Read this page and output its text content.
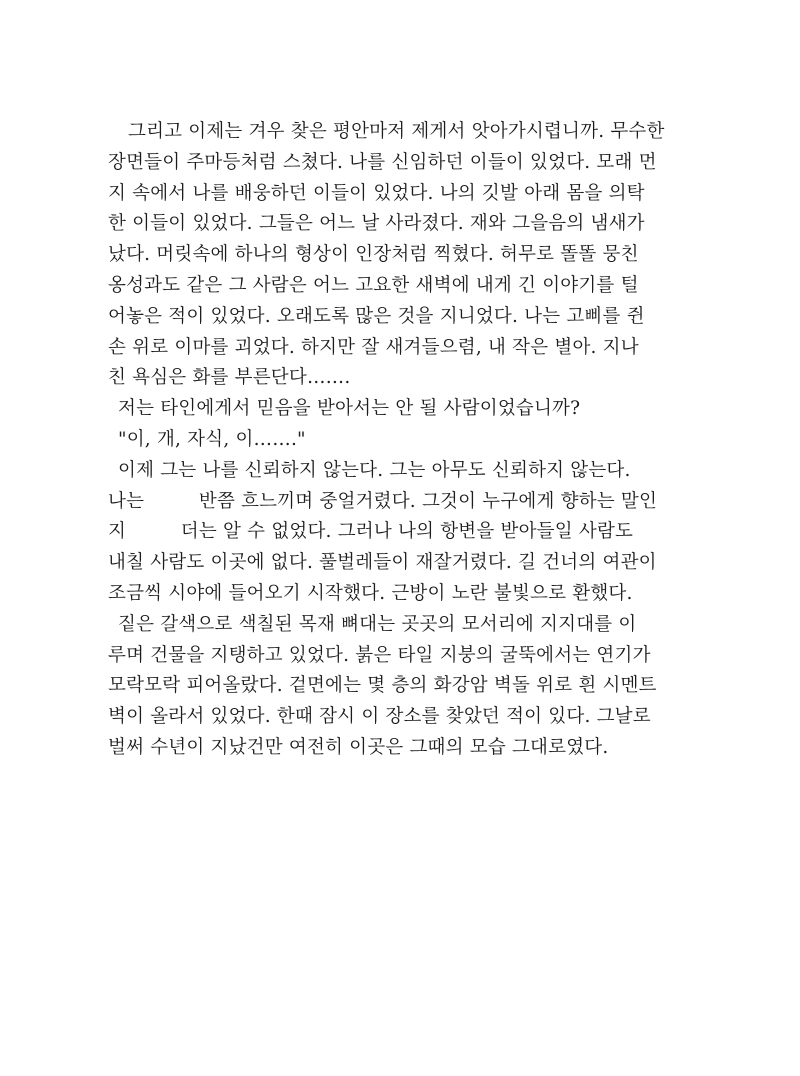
그리고 이제는 겨우 찾은 평안마저 제게서 앗아가시렵니까. 무수한
장면들이 주마등처럼 스쳤다. 나를 신임하던 이들이 있었다. 모래 먼
지 속에서 나를 배웅하던 이들이 있었다. 나의 깃발 아래 몸을 의탁
한 이들이 있었다. 그들은 어느 날 사라졌다. 재와 그을음의 냄새가
났다. 머릿속에 하나의 형상이 인장처럼 찍혔다. 허무로 똘똘 뭉친
옹성과도 같은 그 사람은 어느 고요한 새벽에 내게 긴 이야기를 털
어놓은 적이 있었다. 오래도록 많은 것을 지니었다. 나는 고삐를 쥔
손 위로 이마를 괴었다. 하지만 잘 새겨들으렴, 내 작은 별아. 지나
친 욕심은 화를 부른단다…….
저는 타인에게서 믿음을 받아서는 안 될 사람이었습니까?
"이, 개, 자식, 이……."
이제 그는 나를 신뢰하지 않는다. 그는 아무도 신뢰하지 않는다.
나는         반쯤 흐느끼며 중얼거렸다. 그것이 누구에게 향하는 말인
지         더는 알 수 없었다. 그러나 나의 항변을 받아들일 사람도
내칠 사람도 이곳에 없다. 풀벌레들이 재잘거렸다. 길 건너의 여관이
조금씩 시야에 들어오기 시작했다. 근방이 노란 불빛으로 환했다.
짙은 갈색으로 색칠된 목재 뼈대는 곳곳의 모서리에 지지대를 이
루며 건물을 지탱하고 있었다. 붉은 타일 지붕의 굴뚝에서는 연기가
모락모락 피어올랐다. 겉면에는 몇 층의 화강암 벽돌 위로 흰 시멘트
벽이 올라서 있었다. 한때 잠시 이 장소를 찾았던 적이 있다. 그날로
벌써 수년이 지났건만 여전히 이곳은 그때의 모습 그대로였다.
